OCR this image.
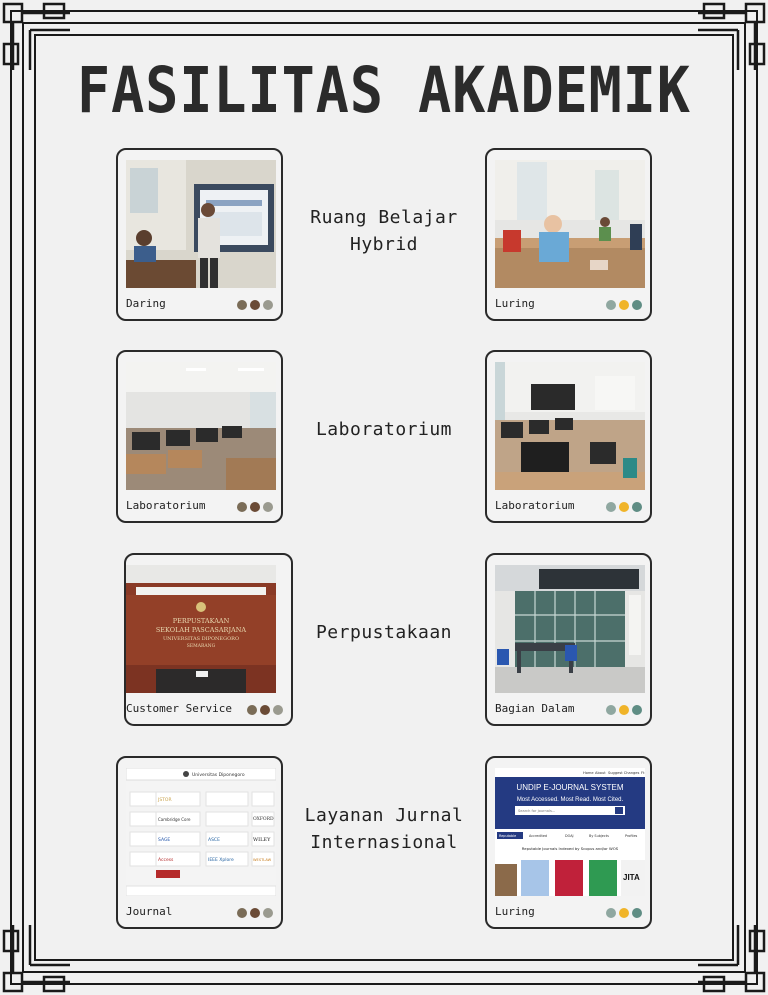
FASILITAS AKADEMIK
Daring
Ruang Belajar
Hybrid
Luring
Laboratorium
Laboratorium
Laboratorium
PERPUSTAKAAN
SEKOLAH PASCASARJANA
UNIVERSITAS DIPONEGORO
SEMARANG
Customer Service
Perpustakaan
Bagian Dalam
Universitas Diponegoro
JSTOR
Cambridge Core	OXFORD
WILEY
IEEE Xplore
ASCE
SAGE
Access	WESTLAW
Journal
Layanan Jurnal
Internasional
Home About Suggest Changes Ft
UNDIP E-JOURNAL SYSTEM
Most Accessed. Most Read. Most Cited.
Search for journals...
Reputable	Accredited	DOAJ	By Subjects	Profiles
Reputable Journals Indexed by Scopus and/or WOS
JITA
Luring
